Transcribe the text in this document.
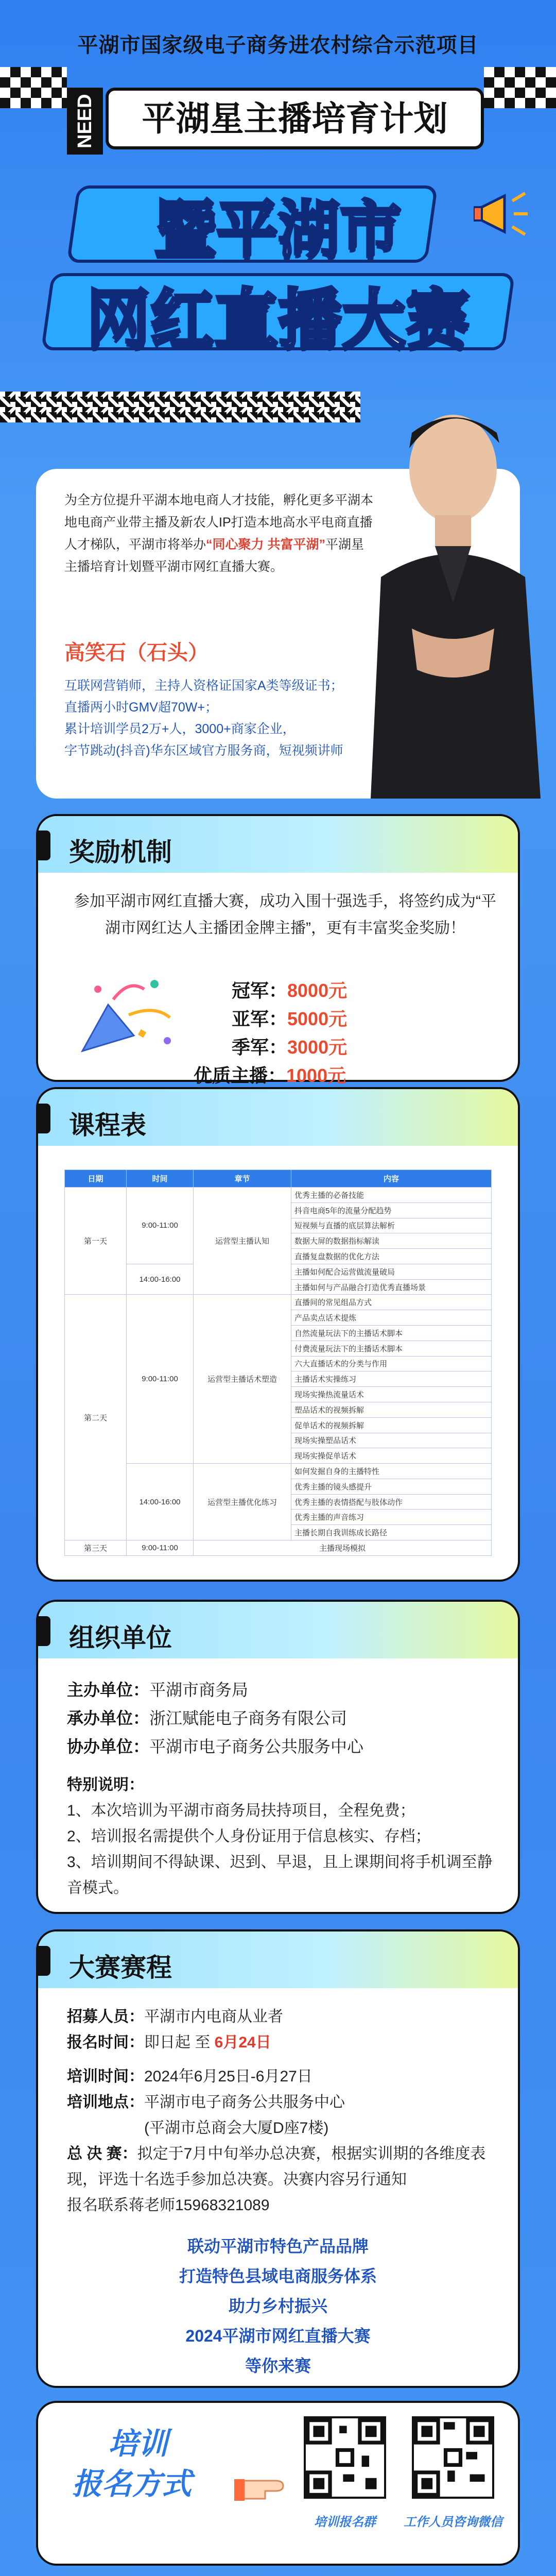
平湖市国家级电子商务进农村综合示范项目
NEED	平湖星主播培育计划
暨平湖市
网红直播大赛
为全方位提升平湖本地电商人才技能，孵化更多平湖本地电商产业带主播及新农人IP打造本地高水平电商直播人才梯队，平湖市将举办“同心聚力 共富平湖”平湖星主播培育计划暨平湖市网红直播大赛。
高笑石（石头）
互联网营销师，主持人资格证国家A类等级证书；
直播两小时GMV超70W+；
累计培训学员2万+人，3000+商家企业，
字节跳动(抖音)华东区域官方服务商，短视频讲师
奖励机制
参加平湖市网红直播大赛，成功入围十强选手，将签约成为“平湖市网红达人主播团金牌主播”，更有丰富奖金奖励！
冠军：8000元
亚军：5000元
季军：3000元
优质主播：1000元
课程表
日期	时间	章节	内容
第一天	9:00-11:00	运营型主播认知	优秀主播的必备技能
			抖音电商5年的流量分配趋势
			短视频与直播的底层算法解析
			数据大屏的数据指标解读
			直播复盘数据的优化方法
	14:00-16:00		主播如何配合运营做流量破局
			主播如何与产品融合打造优秀直播场景
第二天	9:00-11:00	运营型主播话术塑造	直播间的常见组品方式
			产品卖点话术提炼
			自然流量玩法下的主播话术脚本
			付费流量玩法下的主播话术脚本
			六大直播话术的分类与作用
			主播话术实操练习
			现场实操热流量话术
			塑品话术的视频拆解
			促单话术的视频拆解
			现场实操塑品话术
			现场实操促单话术
	14:00-16:00	运营型主播优化练习	如何发掘自身的主播特性
			优秀主播的镜头感提升
			优秀主播的表情搭配与肢体动作
			优秀主播的声音练习
			主播长期自我训练成长路径
第三天	9:00-11:00	主播现场模拟	
组织单位
主办单位：平湖市商务局
承办单位：浙江赋能电子商务有限公司
协办单位：平湖市电子商务公共服务中心
特别说明：
1、本次培训为平湖市商务局扶持项目，全程免费；
2、培训报名需提供个人身份证用于信息核实、存档；
3、培训期间不得缺课、迟到、早退，且上课期间将手机调至静音模式。
大赛赛程
招募人员：平湖市内电商从业者
报名时间：即日起 至 6月24日
培训时间：2024年6月25日-6月27日
培训地点：平湖市电子商务公共服务中心
(平湖市总商会大厦D座7楼)
总 决 赛：拟定于7月中旬举办总决赛，根据实训期的各维度表现，评选十名选手参加总决赛。决赛内容另行通知
报名联系蒋老师15968321089
联动平湖市特色产品品牌
打造特色县域电商服务体系
助力乡村振兴
2024平湖市网红直播大赛
等你来赛
培训
报名方式
培训报名群	工作人员咨询微信
